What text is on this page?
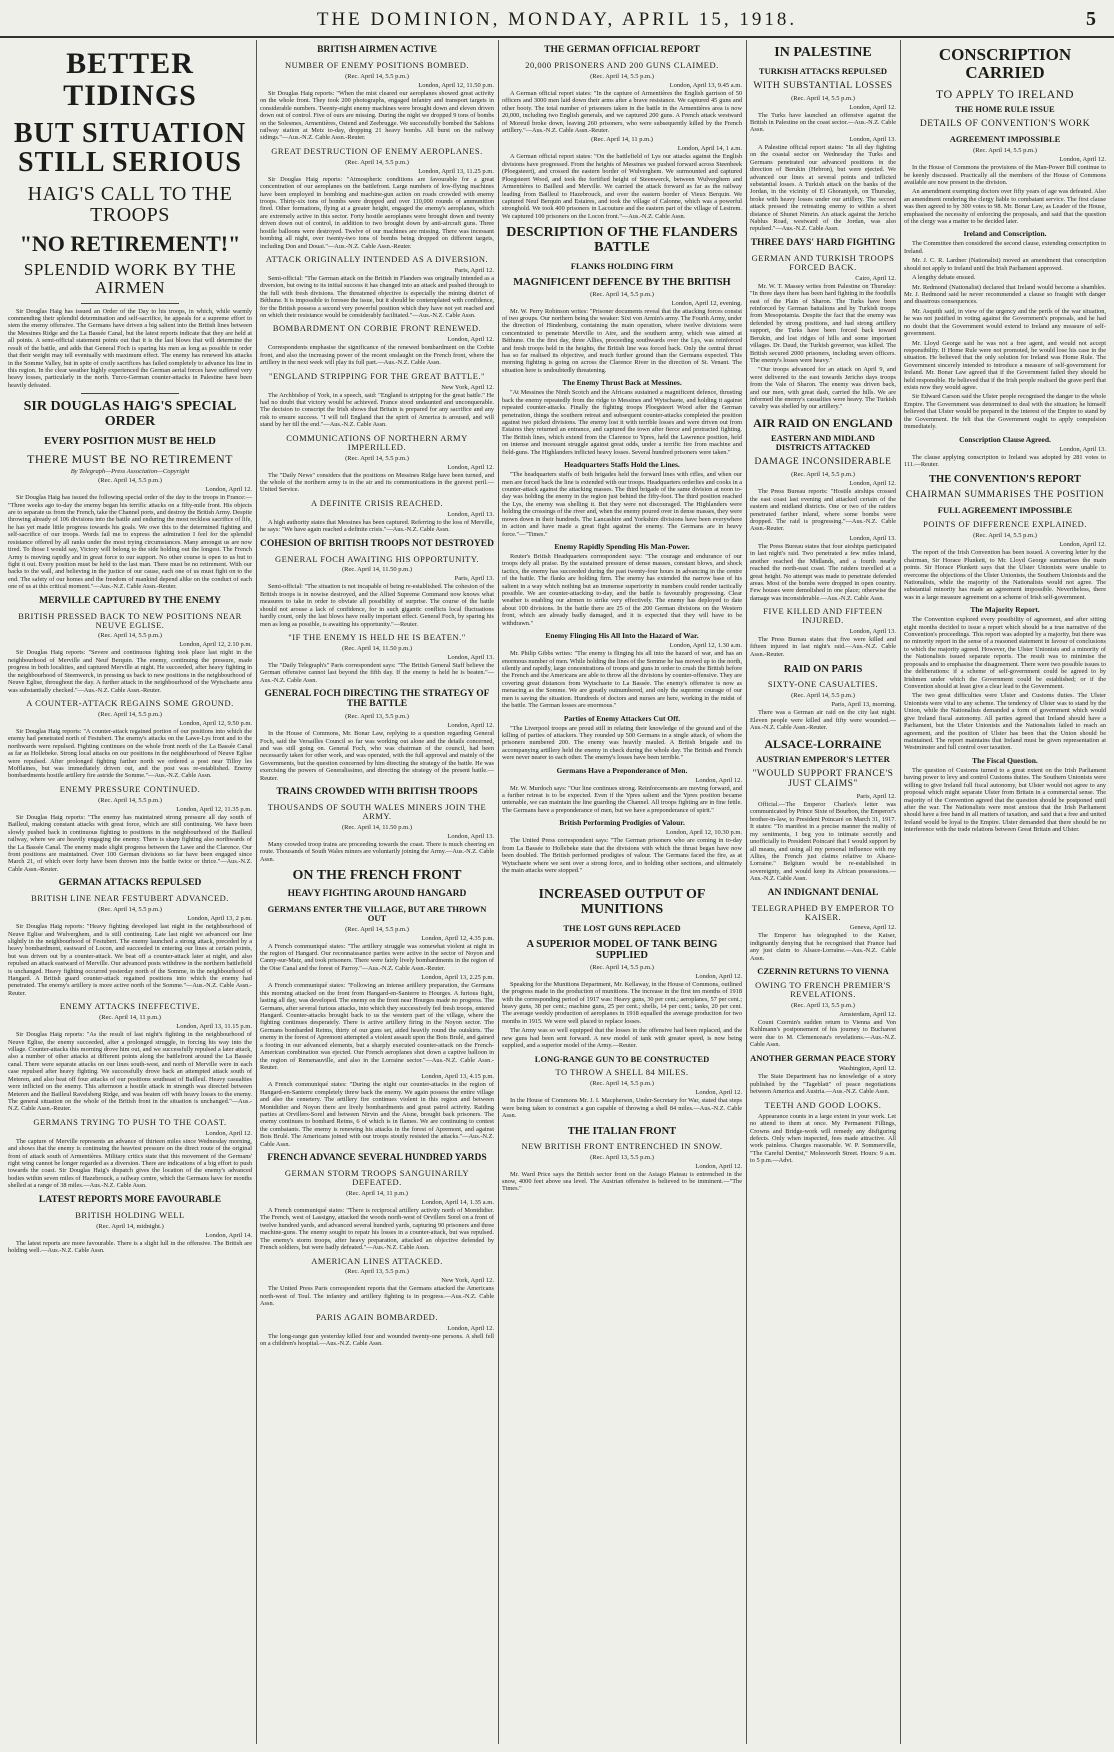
THE DOMINION, MONDAY, APRIL 15, 1918.	5
BETTER TIDINGS
BUT SITUATION STILL SERIOUS
HAIG'S CALL TO THE TROOPS
"NO RETIREMENT!"
SPLENDID WORK BY THE AIRMEN

Sir Douglas Haig has issued an Order of the Day to his troops, in which, while warmly commending their splendid determination and self-sacrifice, he appeals for a supreme effort to stem the enemy offensive. The Germans have driven a big salient into the British lines between the Messines Ridge and the La Bassée Canal, but the latest reports indicate that they are held at all points. A semi-official statement points out that it is the last blows that will determine the result of the battle, and adds that General Foch is sparing his men as long as possible in order that their weight may tell eventually with maximum effect. The enemy has renewed his attacks in the Somme Valley, but in spite of costly sacrifices has failed completely to advance his line in this region. In the clear weather highly experienced the German aerial forces have suffered very heavy losses, particularly in the north. Turco-German counter-attacks in Palestine have been heavily defeated.

SIR DOUGLAS HAIG'S SPECIAL ORDER
EVERY POSITION MUST BE HELD
THERE MUST BE NO RETIREMENT

By Telegraph—Press Association—Copyright

(Rec. April 14, 5.5 p.m.)

London, April 12.

Sir Douglas Haig has issued the following special order of the day to the troops in France:— "Three weeks ago to-day the enemy began his terrific attacks on a fifty-mile front. His objects are to separate us from the French, take the Channel ports, and destroy the British Army. Despite throwing already of 106 divisions into the battle and enduring the most reckless sacrifice of life, he has yet made little progress towards his goals. We owe this to the determined fighting and self-sacrifice of our troops. Words fail me to express the admiration I feel for the splendid resistance offered by all ranks under the most trying circumstances. Many amongst us are now tired. To those I would say, Victory will belong to the side holding out the longest. The French Army is moving rapidly and in great force to our support. No other course is open to us but to fight it out. Every position must be held to the last man. There must be no retirement. With our backs to the wall, and believing in the justice of our cause, each one of us must fight on to the end. The safety of our homes and the freedom of mankind depend alike on the conduct of each one of us at this critical moment."—Aus.-N.Z. Cable Assn.-Reuter.

MERVILLE CAPTURED BY THE ENEMY
BRITISH PRESSED BACK TO NEW POSITIONS NEAR NEUVE EGLISE.

(Rec. April 14, 5.5 p.m.)

London, April 12, 2.10 p.m.

Sir Douglas Haig reports: "Severe and continuous fighting took place last night in the neighbourhood of Merville and Neuf Berquin. The enemy, continuing the pressure, made progress in both localities, and captured Merville at night. He succeeded, after heavy fighting in the neighbourhood of Steenwerck, in pressing us back to new positions in the neighbourhood of Neuve Eglise, throughout the day. A further attack in the neighbourhood of the Wytschaete area was substantially checked."—Aus.-N.Z. Cable Assn.-Reuter.

A COUNTER-ATTACK REGAINS SOME GROUND.

(Rec. April 14, 5.5 p.m.)

London, April 12, 9.50 p.m.

Sir Douglas Haig reports: "A counter-attack regained portion of our positions into which the enemy had penetrated north of Festubert. The enemy's attacks on the Lawe-Lys front and to the northwards were repulsed. Fighting continues on the whole front north of the La Bassée Canal as far as Hollebeke. Strong local attacks on our positions in the neighbourhood of Neuve Eglise were repulsed. After prolonged fighting farther north we ordered a post near Tilloy les Mofflaines, but was immediately driven out, and the post was re-established. Enemy bombardments hostile artillery fire astride the Somme."—Aus.-N.Z. Cable Assn.

ENEMY PRESSURE CONTINUED.

(Rec. April 14, 5.5 p.m.)

London, April 12, 11.35 p.m.

Sir Douglas Haig reports: "The enemy has maintained strong pressure all day south of Bailleul, making constant attacks with great force, which are still continuing. We have been slowly pushed back in continuous fighting to positions in the neighbourhood of the Bailleul railway, where we are heavily engaging the enemy. There is sharp fighting also northwards of the La Bassée Canal. The enemy made slight progress between the Lawe and the Clarence. Our front positions are maintained. Over 100 German divisions so far have been engaged since March 21, of which over forty have been thrown into the battle twice or thrice."—Aus.-N.Z. Cable Assn.-Reuter.

GERMAN ATTACKS REPULSED
BRITISH LINE NEAR FESTUBERT ADVANCED.

(Rec. April 14, 5.5 p.m.)

London, April 13, 2 p.m.

Sir Douglas Haig reports: "Heavy fighting developed last night in the neighbourhood of Neuve Eglise and Wulverghem, and is still continuing. Late last night we advanced our line slightly in the neighbourhood of Festubert. The enemy launched a strong attack, preceded by a heavy bombardment, eastward of Locon, and succeeded in entering our lines at certain points, but was driven out by a counter-attack. We beat off a counter-attack later at night, and also repulsed an attack eastward of Merville. Our advanced posts withdrew in the northern battlefield is unchanged. Heavy fighting occurred yesterday north of the Somme, in the neighbourhood of Hangard. A British guard counter-attack regained positions into which the enemy had penetrated. The enemy's artillery is more active north of the Somme."—Aus.-N.Z. Cable Assn.-Reuter.

ENEMY ATTACKS INEFFECTIVE.

(Rec. April 14, 11 p.m.)

London, April 13, 11.15 p.m.

Sir Douglas Haig reports: "As the result of last night's fighting in the neighbourhood of Neuve Eglise, the enemy succeeded, after a prolonged struggle, in forcing his way into the village. Counter-attacks this morning drove him out, and we successfully repulsed a later attack, also a number of other attacks at different points along the battlefront around the La Bassée canal. There were separate attacks on our lines south-west, and north of Merville were in each case repulsed after heavy fighting. We successfully drove back an attempted attack south of Meteren, and also beat off four attacks of our positions southeast of Bailleul. Heavy casualties were inflicted on the enemy. This afternoon a hostile attack in strength was directed between Meteren and the Bailleul Ravelsberg Ridge, and was beaten off with heavy losses to the enemy. The general situation on the whole of the British front in the situation is unchanged."—Aus.-N.Z. Cable Assn.-Reuter.

GERMANS TRYING TO PUSH TO THE COAST.

London, April 12.

The capture of Merville represents an advance of thirteen miles since Wednesday morning, and shows that the enemy is continuing the heaviest pressure on the direct route of the original front of attack south of Armentières. Military critics state that this movement of the Germans' right wing cannot be longer regarded as a diversion. There are indications of a big effort to push towards the coast. Sir Douglas Haig's dispatch gives the location of the enemy's advanced bodies within seven miles of Hazebrouck, a railway centre, which the Germans have for months shelled at a range of 38 miles.—Aus.-N.Z. Cable Assn.

LATEST REPORTS MORE FAVOURABLE
BRITISH HOLDING WELL

(Rec. April 14, midnight.)

London, April 14.

The latest reports are more favourable. There is a slight lull in the offensive. The British are holding well.—Aus.-N.Z. Cable Assn.

BRITISH AIRMEN ACTIVE
NUMBER OF ENEMY POSITIONS BOMBED.

(Rec. April 14, 5.5 p.m.)

London, April 12, 11.50 p.m.

Sir Douglas Haig reports: "When the mist cleared our aeroplanes showed great activity on the whole front. They took 200 photographs, engaged infantry and transport targets in considerable numbers. Twenty-eight enemy machines were brought down and eleven driven down out of control. Five of ours are missing. During the night we dropped 9 tons of bombs on the Solesmes, Armentières, Ostend and Zeebrugge. We successfully bombed the Sablons railway station at Metz to-day, dropping 21 heavy bombs. All burst on the railway sidings."—Aus.-N.Z. Cable Assn.-Reuter.

GREAT DESTRUCTION OF ENEMY AEROPLANES.

(Rec. April 14, 5.5 p.m.)

London, April 13, 11.25 p.m.

Sir Douglas Haig reports: "Atmospheric conditions are favourable for a great concentration of our aeroplanes on the battlefront. Large numbers of low-flying machines have been employed in bombing and machine-gun action on roads crowded with enemy troops. Thirty-six tons of bombs were dropped and over 110,000 rounds of ammunition fired. Other formations, flying at a greater height, engaged the enemy's aeroplanes, which are extremely active in this sector. Forty hostile aeroplanes were brought down and twenty driven down out of control, in addition to two brought down by anti-aircraft guns. Three hostile balloons were destroyed. Twelve of our machines are missing. There was incessant bombing all night, over twenty-two tons of bombs being dropped on different targets, including Don and Douai."—Aus.-N.Z. Cable Assn.-Reuter.

ATTACK ORIGINALLY INTENDED AS A DIVERSION.

Paris, April 12.

Semi-official: "The German attack on the British in Flanders was originally intended as a diversion, but owing to its initial success it has changed into an attack and pushed through to the full with fresh divisions. The threatened objective is especially the mining district of Béthune. It is impossible to foresee the issue, but it should be contemplated with confidence, for the British possess a second very powerful position which they have not yet reached and on which their resistance would be considerably facilitated."—Aus.-N.Z. Cable Assn.

BOMBARDMENT ON CORBIE FRONT RENEWED.

London, April 12.

Correspondents emphasise the significance of the renewed bombardment on the Corbie front, and also the increasing power of the recent onslaught on the French front, where the artillery in the next week will play its full part.—Aus.-N.Z. Cable Assn.

"ENGLAND STRIPPING FOR THE GREAT BATTLE."

New York, April 12.

The Archbishop of York, in a speech, said: "England is stripping for the great battle." He had no doubt that victory would be achieved. France stood undaunted and unconquerable. The decision to conscript the Irish shows that Britain is prepared for any sacrifice and any risk to ensure success. "I will tell England that the spirit of America is aroused, and will stand by her till the end."—Aus.-N.Z. Cable Assn.

COMMUNICATIONS OF NORTHERN ARMY IMPERILLED.

(Rec. April 14, 5.5 p.m.)

London, April 12.

The "Daily News" considers that the positions on Messines Ridge have been turned, and the whole of the northern army is in the air and its communications in the gravest peril.—United Service.

A DEFINITE CRISIS REACHED.

London, April 13.

A high authority states that Messines has been captured. Referring to the loss of Merville, he says: "We have again reached a definite crisis."—Aus.-N.Z. Cable Assn.

COHESION OF BRITISH TROOPS NOT DESTROYED
GENERAL FOCH AWAITING HIS OPPORTUNITY.

(Rec. April 14, 11.50 p.m.)

Paris, April 13.

Semi-official: "The situation is not incapable of being re-established. The cohesion of the British troops is in nowise destroyed, and the Allied Supreme Command now knows what measures to take in order to obviate all possibility of surprise. The course of the battle should not arouse a lack of confidence, for in such gigantic conflicts local fluctuations hardly count, only the last blows have really important effect. General Foch, by sparing his men as long as possible, is awaiting his opportunity."—Reuter.

"IF THE ENEMY IS HELD HE IS BEATEN."

(Rec. April 14, 11.50 p.m.)

London, April 13.

The "Daily Telegraph's" Paris correspondent says: "The British General Staff believe the German offensive cannot last beyond the fifth day. If the enemy is held he is beaten."—Aus.-N.Z. Cable Assn.

GENERAL FOCH DIRECTING THE STRATEGY OF THE BATTLE

(Rec. April 13, 5.5 p.m.)

London, April 12.

In the House of Commons, Mr. Bonar Law, replying to a question regarding General Foch, said the Versailles Council so far was working out alone and the details concerned, and was still going on. General Foch, who was chairman of the council, had been necessarily taken for other work, and was operated, with the full approval and mainly of the Governments, but the question concerned by him directing the strategy of the battle. He was exercising the powers of Generalissimo, and directing the strategy of the present battle.—Reuter.

TRAINS CROWDED WITH BRITISH TROOPS
THOUSANDS OF SOUTH WALES MINERS JOIN THE ARMY.

(Rec. April 14, 11.50 p.m.)

London, April 13.

Many crowded troop trains are proceeding towards the coast. There is much cheering en route. Thousands of South Wales miners are voluntarily joining the Army.—Aus.-N.Z. Cable Assn.

ON THE FRENCH FRONT
HEAVY FIGHTING AROUND HANGARD
GERMANS ENTER THE VILLAGE, BUT ARE THROWN OUT

(Rec. April 14, 5.5 p.m.)

London, April 12, 4.35 p.m.

A French communiqué states: "The artillery struggle was somewhat violent at night in the region of Hangard. Our reconnaissance parties were active in the sector of Noyon and Canny-sur-Matz, and took prisoners. There were fairly lively bombardments in the region of the Oise Canal and the forest of Parroy."—Aus.-N.Z. Cable Assn.-Reuter.

London, April 13, 2.25 p.m.

A French communiqué states: "Following an intense artillery preparation, the Germans this morning attacked on the front from Hangard-en-Santerre to Hourges. A furious fight, lasting all day, was developed. The enemy on the front near Hourges made no progress. The Germans, after several furious attacks, into which they successively fed fresh troops, entered Hangard. Counter-attacks brought back to us the western part of the village, where the fighting continues desperately. There is active artillery firing in the Noyon sector. The Germans bombarded Reims, thirty of our guns set, aided heavily round the outskirts. The enemy in the forest of Apremont attempted a violent assault upon the Bois Brulé, and gained a footing in our advanced elements, but a sharply executed counter-attack on the French-American combination was ejected. Our French aeroplanes shot down a captive balloon in the region of Remenauville, and also in the Lorraine sector."—Aus.-N.Z. Cable Assn.-Reuter.

London, April 13, 4.15 p.m.

A French communiqué states: "During the night our counter-attacks in the region of Hangard-en-Santerre completely threw back the enemy. We again possess the entire village and also the cemetery. The artillery fire continues violent in this region and between Montdidier and Noyon there are lively bombardments and great patrol activity. Raiding parties at Orvillers-Sorel and between Nirvin and the Aisne, brought back prisoners. The enemy continues to bombard Reims, 6 of which is in flames. We are continuing to contest the combatants. The enemy is renewing his attacks in the forest of Apremont, and against Bois Brulé. The Americans joined with our troops stoutly resisted the attacks."—Aus.-N.Z. Cable Assn.

FRENCH ADVANCE SEVERAL HUNDRED YARDS
GERMAN STORM TROOPS SANGUINARILY DEFEATED.

(Rec. April 14, 11 p.m.)

London, April 14, 1.35 a.m.

A French communiqué states: "There is reciprocal artillery activity north of Montdidier. The French, west of Lassigny, attacked the woods north-west of Orvillers Sorel on a front of twelve hundred yards, and advanced several hundred yards, capturing 90 prisoners and three machine-guns. The enemy sought to repair his losses in a counter-attack, but was repulsed. The enemy's storm troops, after heavy preparation, attacked an objective defended by French soldiers, but were badly defeated."—Aus.-N.Z. Cable Assn.

AMERICAN LINES ATTACKED.

(Rec. April 13, 5.5 p.m.)

New York, April 12.

The United Press Paris correspondent reports that the Germans attacked the Americans north-west of Toul. The infantry and artillery fighting is in progress.—Aus.-N.Z. Cable Assn.

PARIS AGAIN BOMBARDED.

London, April 12.

The long-range gun yesterday killed four and wounded twenty-one persons. A shell fell on a children's hospital.—Aus.-N.Z. Cable Assn.

THE GERMAN OFFICIAL REPORT
20,000 PRISONERS AND 200 GUNS CLAIMED.

(Rec. April 14, 5.5 p.m.)

London, April 13, 9.45 a.m.

A German official report states: "In the capture of Armentières the English garrison of 50 officers and 3000 men laid down their arms after a brave resistance. We captured 45 guns and other booty. The total number of prisoners taken in the battle in the Armentières area is now 20,000, including two English generals, and we captured 200 guns. A French attack westward of Moreuil broke down, leaving 260 prisoners, who were subsequently killed by the French artillery."—Aus.-N.Z. Cable Assn.-Reuter.

(Rec. April 14, 11 p.m.)

London, April 14, 1 a.m.

A German official report states: "On the battlefield of Lys our attacks against the English divisions have progressed. From the heights of Messines we pushed forward across Steenbeek (Ploegsteert), and crossed the eastern border of Wulverghem. We surmounted and captured Ploegsteert Wood, and took the fortified height of Steenwerck, between Wulverghem and Armentières to Bailleul and Merville. We carried the attack forward as far as the railway leading from Bailleul to Hazebrouck, and over the eastern border of Vieux Berquin. We captured Neuf Berquin and Estaires, and took the village of Calonne, which was a powerful stronghold. We took 400 prisoners in Lacouture and the eastern part of the village of Lestrem. We captured 100 prisoners on the Locon front."—Aus.-N.Z. Cable Assn.

DESCRIPTION OF THE FLANDERS BATTLE
FLANKS HOLDING FIRM
MAGNIFICENT DEFENCE BY THE BRITISH

(Rec. April 14, 5.5 p.m.)

London, April 12, evening.

Mr. W. Perry Robinson writes: "Prisoner documents reveal that the attacking forces consist of two groups. Our northern being the weaker: Sixt von Armin's army. The Fourth Army, under the direction of Hindenburg, containing the main operation, where twelve divisions were concentrated to penetrate Merville to Aire, and the southern army, which was aimed at Béthune. On the first day, three Allies, proceeding southwards over the Lys, was reinforced and fresh troops held in the heights, the British line was forced back. Only the central thrust has so far realised its objective, and much further ground than the Germans expected. This morning fighting is going on across the Clarence River in the direction of St. Venant. The situation here is undoubtedly threatening.

The Enemy Thrust Back at Messines.

"At Messines the Ninth Scotch and the Africans sustained a magnificent defence, thrusting back the enemy repeatedly from the ridge to Messines and Wytschaete, and holding it against repeated counter-attacks. Finally the fighting troops Ploegsteert Wood after the German penetration, things the southern retreat and subsequent counter-attacks completed the position against two picked divisions. The enemy lost it with terrible losses and were driven out from Estaires they returned an entrance, and captured the town after fierce and protracted fighting. The British lines, which extend from the Clarence to Ypres, held the Lawrence position, held on intense and incessant struggle against great odds, under a terrific fire from machine and field-guns. The Highlanders inflicted heavy losses. Several hundred prisoners were taken."

Headquarters Staffs Hold the Lines.

"The headquarters staffs of both brigades held the forward lines with rifles, and when our men are forced back the line is extended with our troops. Headquarters orderlies and cooks in a counter-attack against the attacking masses. The third brigade of the same division at noon to-day was holding the enemy in the region just behind the fifty-foot. The third position reached the Lys, the enemy was shelling it. But they were not discouraged. The Highlanders were holding the crossings of the river and, when the enemy poured over in dense masses, they were mown down in their hundreds. The Lancashire and Yorkshire divisions have been everywhere in action and have made a great fight against the enemy. The Germans are in heavy force."—"Times."

Enemy Rapidly Spending His Man-Power.

Reuter's British Headquarters correspondent says: "The courage and endurance of our troops defy all praise. By the sustained pressure of dense masses, constant blows, and shock tactics, the enemy has succeeded during the past twenty-four hours in advancing in the centre of the battle. The flanks are holding firm. The enemy has extended the narrow base of his salient in a way which nothing but an immense superiority in numbers could render tactically possible. We are counter-attacking to-day, and the battle is favourably progressing. Clear weather is enabling our airmen to strike very effectively. The enemy has deployed to date about 100 divisions. In the battle there are 25 of the 200 German divisions on the Western front, which are already badly damaged, and it is expected that they will have to be withdrawn."

Enemy Flinging His All Into the Hazard of War.

London, April 12, 1.30 a.m.

Mr. Philip Gibbs writes: "The enemy is flinging his all into the hazard of war, and has an enormous number of men. While holding the lines of the Somme he has moved up to the north, silently and rapidly, large concentrations of troops and guns in order to crush the British before the French and the Americans are able to throw all the divisions by counter-offensive. They are covering great distances from Wytschaete to La Bassée. The enemy's offensive is now as menacing as the Somme. We are greatly outnumbered, and only the supreme courage of our men is saving the situation. Hundreds of doctors and nurses are here, working in the midst of the battle. The German losses are enormous."

Parties of Enemy Attackers Cut Off.

"The Liverpool troops are proud still in relating their knowledge of the ground and of the killing of parties of attackers. They rounded up 500 Germans in a single attack, of whom the prisoners numbered 200. The enemy was heavily mauled. A British brigade and its accompanying artillery held the enemy in check during the whole day. The British and French were never nearer to each other. The enemy's losses have been terrible."

Germans Have a Preponderance of Men.

London, April 12.

Mr. W. Murdoch says: "Our line continues strong. Reinforcements are moving forward, and a further retreat is to be expected. Even if the Ypres salient and the Ypres position became untenable, we can maintain the line guarding the Channel. All troops fighting are in fine fettle. The Germans have a preponderance of men, but we have a preponderance of spirit."

British Performing Prodigies of Valour.

London, April 12, 10.30 p.m.

The United Press correspondent says: "The German prisoners who are coming in to-day from La Bassée to Hollebeke state that the divisions with which the thrust began have now been doubled. The British performed prodigies of valour. The Germans faced the fire, as at Wytschaete where we sent over a strong force, and to holding other sections, and ultimately the main attacks were stopped."

INCREASED OUTPUT OF MUNITIONS
THE LOST GUNS REPLACED
A SUPERIOR MODEL OF TANK BEING SUPPLIED

(Rec. April 14, 5.5 p.m.)

London, April 12.

Speaking for the Munitions Department, Mr. Kellaway, in the House of Commons, outlined the progress made in the production of munitions. The increase in the first ten months of 1918 with the corresponding period of 1917 was: Heavy guns, 30 per cent.; aeroplanes, 57 per cent.; heavy guns, 38 per cent.; machine guns, 25 per cent.; shells, 14 per cent.; tanks, 20 per cent. The average weekly production of aeroplanes in 1918 equalled the average production for two months in 1915. We were well placed to replace losses.

The Army was so well equipped that the losses in the offensive had been replaced, and the new guns had been sent forward. A new model of tank with greater speed, is now being supplied, and a superior model of the Army.—Reuter.

LONG-RANGE GUN TO BE CONSTRUCTED
TO THROW A SHELL 84 MILES.

(Rec. April 14, 5.5 p.m.)

London, April 12.

In the House of Commons Mr. J. I. Macpherson, Under-Secretary for War, stated that steps were being taken to construct a gun capable of throwing a shell 84 miles.—Aus.-N.Z. Cable Assn.

THE ITALIAN FRONT
NEW BRITISH FRONT ENTRENCHED IN SNOW.

(Rec. April 13, 5.5 p.m.)

London, April 12.

Mr. Ward Price says the British sector front on the Asiago Plateau is entrenched in the snow, 4000 feet above sea level. The Austrian offensive is believed to be imminent.—"The Times."

IN PALESTINE
TURKISH ATTACKS REPULSED
WITH SUBSTANTIAL LOSSES

(Rec. April 14, 5.5 p.m.)

London, April 12.

The Turks have launched an offensive against the British in Palestine on the coast sector.—Aus.-N.Z. Cable Assn.

London, April 13.

A Palestine official report states: "In all day fighting on the coastal sector on Wednesday the Turks and Germans penetrated our advanced positions in the direction of Berukin (Hebron), but were ejected. We advanced our lines at several points and inflicted substantial losses. A Turkish attack on the banks of the Jordan, in the vicinity of El Ghoraniyeh, on Thursday, broke with heavy losses under our artillery. The second attack pressed the retreating enemy to within a short distance of Shunet Nimrin. An attack against the Jericho Nablus Road, westward of the Jordan, was also repulsed."—Aus.-N.Z. Cable Assn.

THREE DAYS' HARD FIGHTING
GERMAN AND TURKISH TROOPS FORCED BACK.

Cairo, April 12.

Mr. W. T. Massey writes from Palestine on Thursday: "In three days there has been hard fighting in the foothills east of the Plain of Sharon. The Turks have been reinforced by German battalions and by Turkish troops from Mesopotamia. Despite the fact that the enemy was defended by strong positions, and had strong artillery support, the Turks have been forced back toward Berukin, and lost ridges of hills and some important villages. Dr. Daud, the Turkish governor, was killed. The British secured 2000 prisoners, including seven officers. The enemy's losses were heavy."

"Our troops advanced for an attack on April 9, and were delivered to the east towards Jericho days troops from the Vale of Sharon. The enemy was driven back, and our men, with great dash, carried the hills. We are informed the enemy's casualties were heavy. The Turkish cavalry was shelled by our artillery."

AIR RAID ON ENGLAND
EASTERN AND MIDLAND DISTRICTS ATTACKED
DAMAGE INCONSIDERABLE

(Rec. April 14, 5.5 p.m.)

London, April 12.

The Press Bureau reports: "Hostile airships crossed the east coast last evening and attacked certain of the eastern and midland districts. One or two of the raiders penetrated farther inland, where some bombs were dropped. The raid is progressing."—Aus.-N.Z. Cable Assn.-Reuter.

London, April 13.

The Press Bureau states that four airships participated in last night's raid. Two penetrated a few miles inland, another reached the Midlands, and a fourth nearly reached the north-east coast. The raiders travelled at a great height. No attempt was made to penetrate defended areas. Most of the bombs were dropped in open country. Few houses were demolished in one place; otherwise the damage was inconsiderable.—Aus.-N.Z. Cable Assn.

FIVE KILLED AND FIFTEEN INJURED.

London, April 13.

The Press Bureau states that five were killed and fifteen injured in last night's raid.—Aus.-N.Z. Cable Assn.-Reuter.

RAID ON PARIS
SIXTY-ONE CASUALTIES.

(Rec. April 14, 5.5 p.m.)

Paris, April 13, morning.

There was a German air raid on the city last night. Eleven people were killed and fifty were wounded.—Aus.-N.Z. Cable Assn.-Reuter.

ALSACE-LORRAINE
AUSTRIAN EMPEROR'S LETTER
"WOULD SUPPORT FRANCE'S JUST CLAIMS"

Paris, April 12.

Official.—The Emperor Charles's letter was communicated by Prince Sixte of Bourbon, the Emperor's brother-in-law, to President Poincaré on March 31, 1917. It states: "To manifest in a precise manner the reality of my sentiments, I beg you to intimate secretly and unofficially to President Poincaré that I would support by all means, and using all my personal influence with my Allies, the French just claims relative to Alsace-Lorraine." Belgium would be re-established in sovereignty, and would keep its African possessions.—Aus.-N.Z. Cable Assn.

AN INDIGNANT DENIAL
TELEGRAPHED BY EMPEROR TO KAISER.

Geneva, April 12.

The Emperor has telegraphed to the Kaiser, indignantly denying that he recognised that France had any just claim to Alsace-Lorraine.—Aus.-N.Z. Cable Assn.

CZERNIN RETURNS TO VIENNA
OWING TO FRENCH PREMIER'S REVELATIONS.

(Rec. April 13, 5.5 p.m.)

Amsterdam, April 12.

Count Czernin's sudden return to Vienna and Von Kuhlmann's postponement of his journey to Bucharest were due to M. Clemenceau's revelations.—Aus.-N.Z. Cable Assn.

ANOTHER GERMAN PEACE STORY

Washington, April 12.

The State Department has no knowledge of a story published by the "Tageblatt" of peace negotiations between America and Austria.—Aus.-N.Z. Cable Assn.

TEETH AND GOOD LOOKS.

Appearance counts in a large extent in your work. Let no attend to them at once. My Permanent Fillings, Crowns and Bridge-work will remedy any disfiguring defects. Only when inspected, fees made attractive. All work painless. Charges reasonable. W. P. Sommerville, "The Careful Dentist," Molesworth Street. Hours: 9 a.m. to 5 p.m.—Advt.

CONSCRIPTION CARRIED
TO APPLY TO IRELAND
THE HOME RULE ISSUE
DETAILS OF CONVENTION'S WORK
AGREEMENT IMPOSSIBLE

(Rec. April 14, 5.5 p.m.)

London, April 12.

In the House of Commons the provisions of the Man-Power Bill continue to be keenly discussed. Practically all the members of the House of Commons available are now present in the division.

An amendment exempting doctors over fifty years of age was defeated. Also an amendment rendering the clergy liable to combatant service. The first clause was then agreed to by 300 votes to 98. Mr. Bonar Law, as Leader of the House, emphasised the necessity of enforcing the proposals, and said that the question of the clergy was a matter to be decided later.

Ireland and Conscription.

The Committee then considered the second clause, extending conscription to Ireland.

Mr. J. C. R. Lardner (Nationalist) moved an amendment that conscription should not apply to Ireland until the Irish Parliament approved.

A lengthy debate ensued.

Mr. Redmond (Nationalist) declared that Ireland would become a shambles. Mr. J. Redmond said he never recommended a clause so fraught with danger and disastrous consequences.

Mr. Asquith said, in view of the urgency and the perils of the war situation, he was not justified in voting against the Government's proposals, and he had no doubt that the Government would extend to Ireland any measure of self-government.

Mr. Lloyd George said he was not a free agent, and would not accept responsibility. If Home Rule were not promoted, he would lose his case in the situation. He believed that the only solution for Ireland was Home Rule. The Government sincerely intended to introduce a measure of self-government for Ireland. Mr. Bonar Law agreed that if the Government failed they should be held responsible. He believed that if the Irish people realised the grave peril that exists now they would agree.

Sir Edward Carson said the Ulster people recognised the danger to the whole Empire. The Government was determined to deal with the situation; he himself believed that Ulster would be prepared in the interest of the Empire to stand by the Government. He felt that the Government ought to apply compulsion immediately.

Conscription Clause Agreed.

London, April 13.

The clause applying conscription to Ireland was adopted by 281 votes to 111.—Reuter.

THE CONVENTION'S REPORT
CHAIRMAN SUMMARISES THE POSITION
FULL AGREEMENT IMPOSSIBLE
POINTS OF DIFFERENCE EXPLAINED.

(Rec. April 14, 5.5 p.m.)

London, April 12.

The report of the Irish Convention has been issued. A covering letter by the chairman, Sir Horace Plunkett, to Mr. Lloyd George summarises the main points. Sir Horace Plunkett says that the Ulster Unionists were unable to overcome the objections of the Ulster Unionists, the Southern Unionists and the Nationalists, while the majority of the Nationalists would not agree. The substantial minority has made an agreement impossible. Nevertheless, there was in a large measure agreement on a scheme of Irish self-government.

The Majority Report.

The Convention explored every possibility of agreement, and after sitting eight months decided to issue a report which should be a true narrative of the Convention's proceedings. This report was adopted by a majority, but there was no minority report in the sense of a reasoned statement in favour of conclusions to which the majority agreed. However, the Ulster Unionists and a minority of the Nationalists issued separate reports. The result was to minimise the proposals and to emphasise the disagreement. There were two possible issues to the deliberations: if a scheme of self-government could be agreed to by Irishmen under which the Government could be established; or if the Convention should at least give a clear lead to the Government.

The two great difficulties were Ulster and Customs duties. The Ulster Unionists were vital to any scheme. The tendency of Ulster was to stand by the Union, while the Nationalists demanded a form of government which would give Ireland fiscal autonomy. All parties agreed that Ireland should have a Parliament, but the Ulster Unionists and the Nationalists failed to reach an agreement, and the position of Ulster has been that the Union should be maintained. The report maintains that Ireland must be given representation at Westminster and full control over taxation.

The Fiscal Question.

The question of Customs turned to a great extent on the Irish Parliament having power to levy and control Customs duties. The Southern Unionists were willing to give Ireland full fiscal autonomy, but Ulster would not agree to any proposal which might separate Ulster from Britain in a commercial sense. The majority of the Convention agreed that the question should be postponed until after the war. The Nationalists were most anxious that the Irish Parliament should have a free hand in all matters of taxation, and said that a free and united Ireland would be loyal to the Empire. Ulster demanded that there should be no interference with the trade relations between Great Britain and Ulster.
